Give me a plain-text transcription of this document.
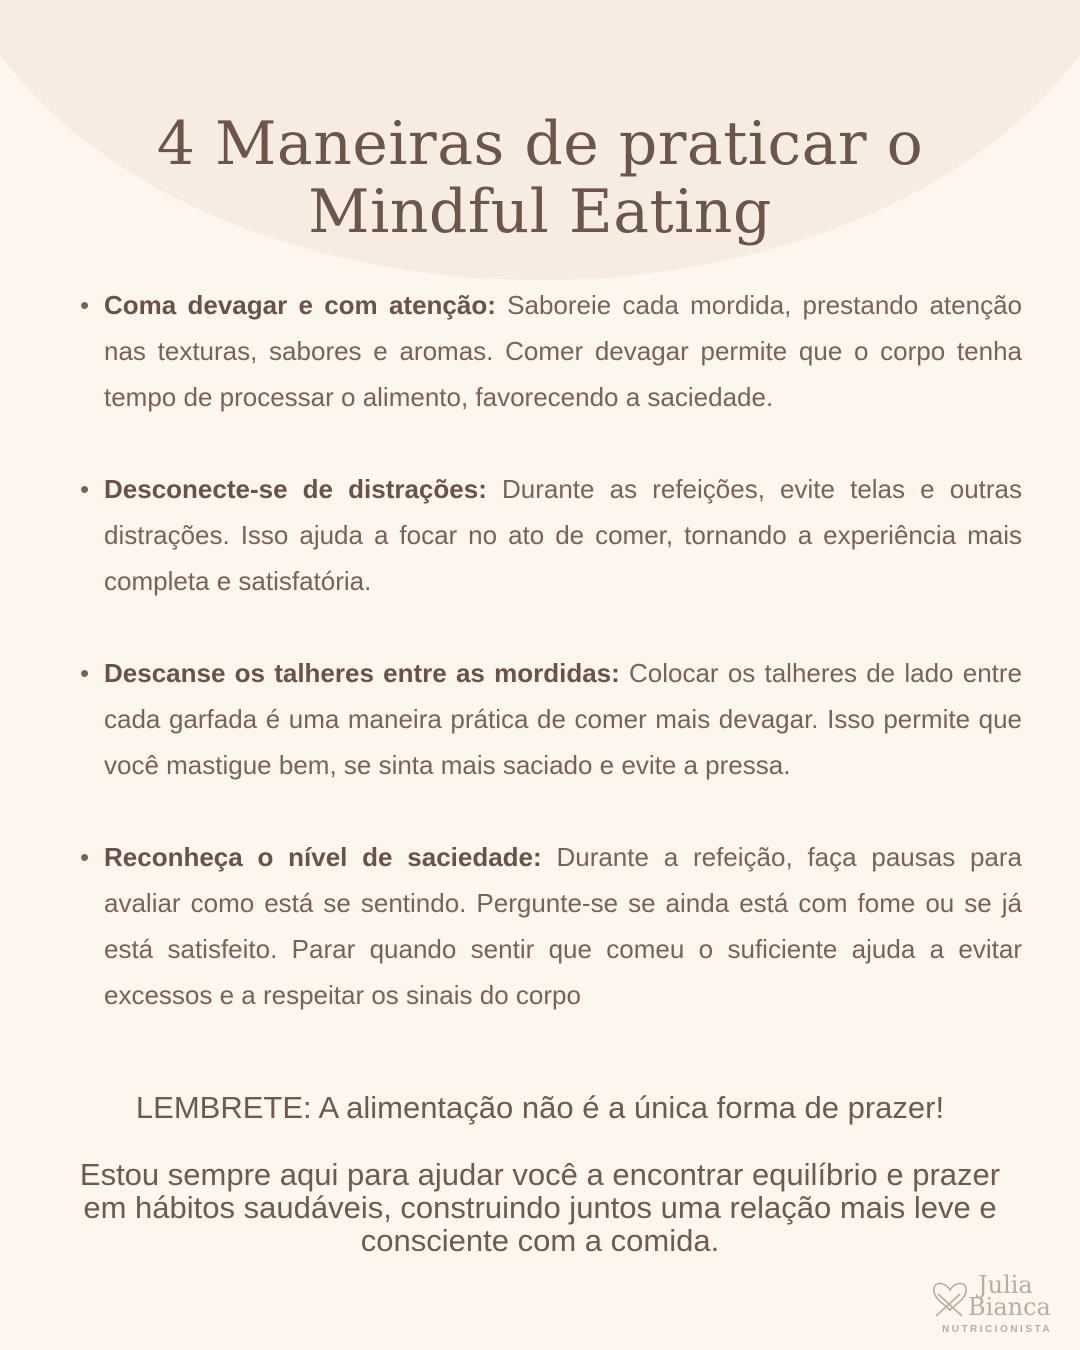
4 Maneiras de praticar o
Mindful Eating
• Coma devagar e com atenção: Saboreie cada mordida, prestando atenção nas texturas, sabores e aromas. Comer devagar permite que o corpo tenha tempo de processar o alimento, favorecendo a saciedade.
• Desconecte-se de distrações: Durante as refeições, evite telas e outras distrações. Isso ajuda a focar no ato de comer, tornando a experiência mais completa e satisfatória.
• Descanse os talheres entre as mordidas: Colocar os talheres de lado entre cada garfada é uma maneira prática de comer mais devagar. Isso permite que você mastigue bem, se sinta mais saciado e evite a pressa.
• Reconheça o nível de saciedade: Durante a refeição, faça pausas para avaliar como está se sentindo. Pergunte-se se ainda está com fome ou se já está satisfeito. Parar quando sentir que comeu o suficiente ajuda a evitar excessos e a respeitar os sinais do corpo
LEMBRETE: A alimentação não é a única forma de prazer!
Estou sempre aqui para ajudar você a encontrar equilíbrio e prazer em hábitos saudáveis, construindo juntos uma relação mais leve e consciente com a comida.
Julia
Bianca
NUTRICIONISTA
